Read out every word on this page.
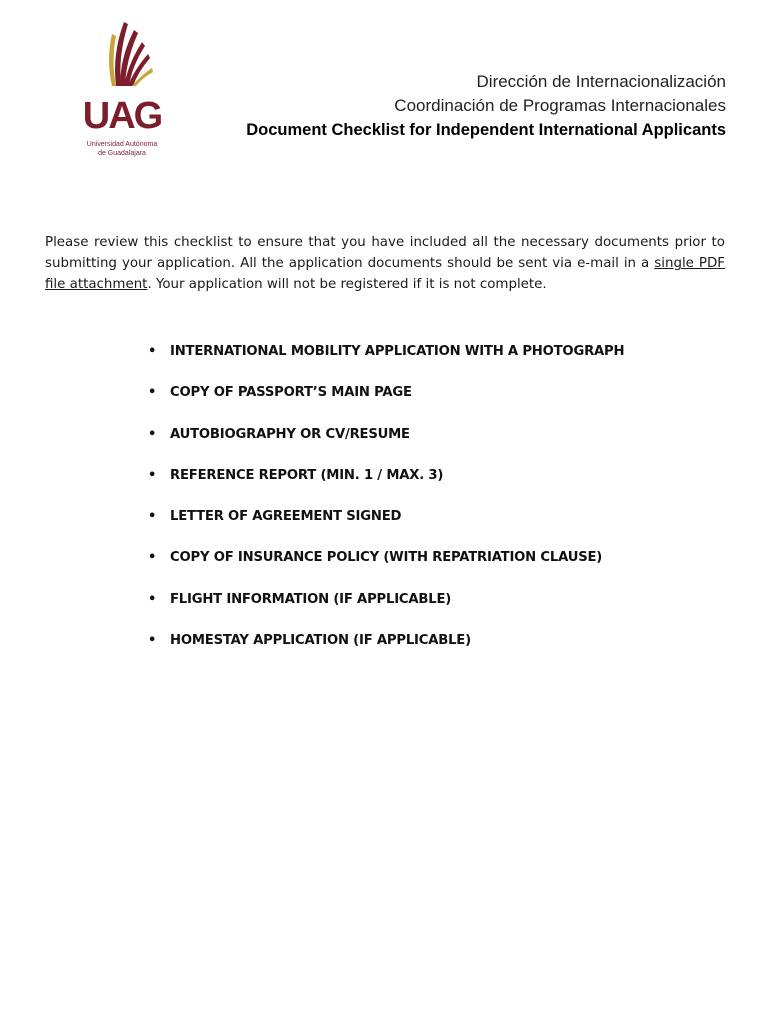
UAG
Universidad Autónoma
de Guadalajara
Dirección de Internacionalización
Coordinación de Programas Internacionales
Document Checklist for Independent International Applicants

Please review this checklist to ensure that you have included all the necessary documents prior to submitting your application. All the application documents should be sent via e-mail in a single PDF file attachment. Your application will not be registered if it is not complete.

•	INTERNATIONAL MOBILITY APPLICATION WITH A PHOTOGRAPH
•	COPY OF PASSPORT’S MAIN PAGE
•	AUTOBIOGRAPHY OR CV/RESUME
•	REFERENCE REPORT (MIN. 1 / MAX. 3)
•	LETTER OF AGREEMENT SIGNED
•	COPY OF INSURANCE POLICY (WITH REPATRIATION CLAUSE)
•	FLIGHT INFORMATION (IF APPLICABLE)
•	HOMESTAY APPLICATION (IF APPLICABLE)
